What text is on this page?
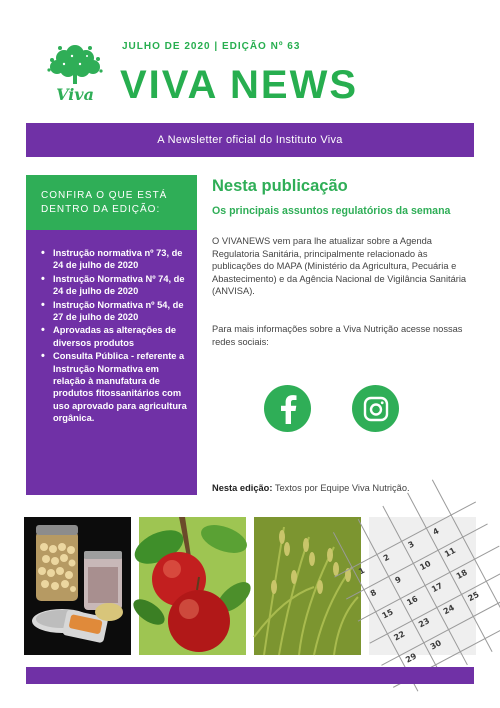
Viva
JULHO DE 2020 | EDIÇÃO Nº 63
VIVA NEWS
A Newsletter oficial do Instituto Viva
CONFIRA O QUE ESTÁ DENTRO DA EDIÇÃO:
• Instrução normativa nº 73, de 24 de julho de 2020
• Instrução Normativa Nº 74, de 24 de julho de 2020
• Instrução Normativa nº 54, de 27 de julho de 2020
• Aprovadas as alterações de diversos produtos
• Consulta Pública - referente a Instrução Normativa em relação à manufatura de produtos fitossanitários com uso aprovado para agricultura orgânica.
Nesta publicação
Os principais assuntos regulatórios da semana

O VIVANEWS vem para lhe atualizar sobre a Agenda Regulatoria Sanitária, principalmente relacionado às publicações do MAPA (Ministério da Agricultura, Pecuária e Abastecimento) e da Agência Nacional de Vigilância Sanitária (ANVISA).

Para mais informações sobre a Viva Nutrição acesse nossas redes sociais:

Nesta edição: Textos por Equipe Viva Nutrição.
1
2
3
4
8
9
10
11
15
16
17
18
22
23
24
25
29
30
